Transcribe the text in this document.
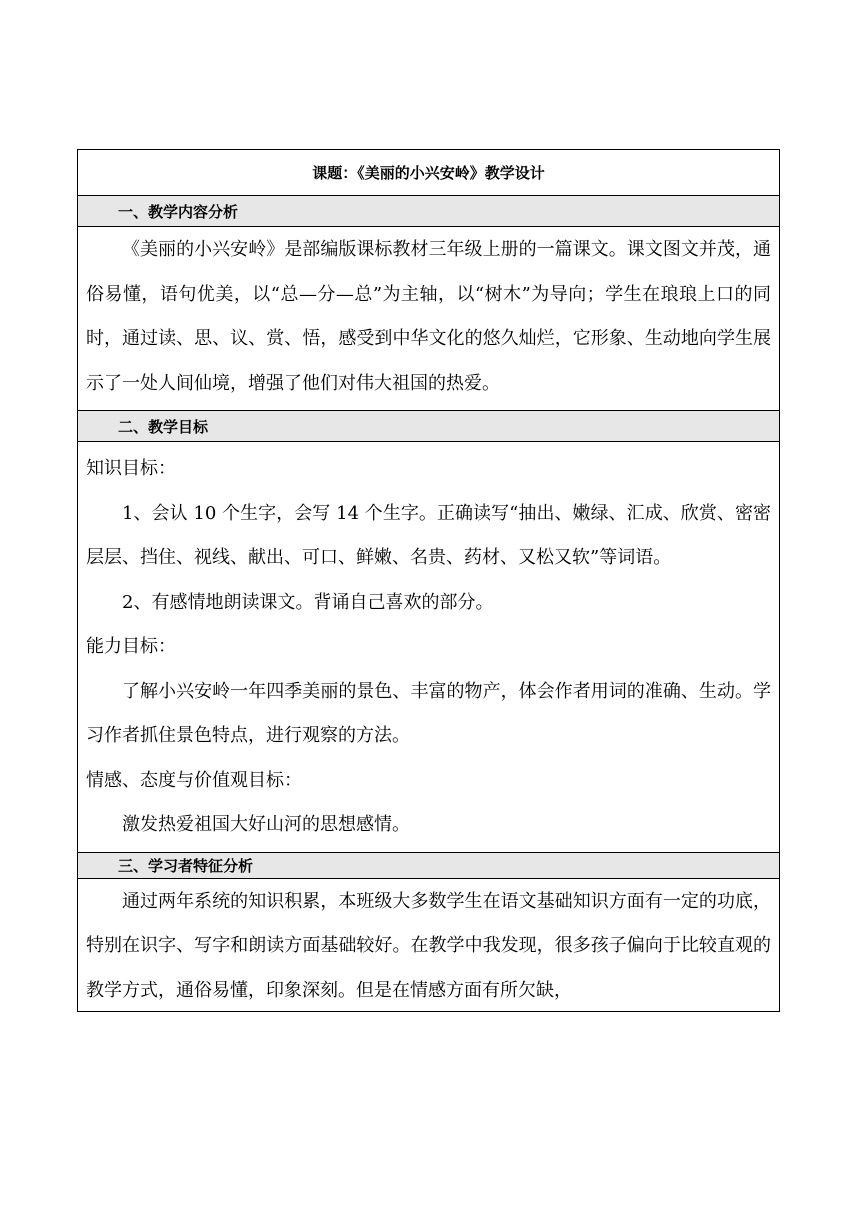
课题：《美丽的小兴安岭》教学设计
一、教学内容分析

《美丽的小兴安岭》是部编版课标教材三年级上册的一篇课文。课文图文并茂，通俗易懂，语句优美，以“总—分—总”为主轴，以“树木”为导向；学生在琅琅上口的同时，通过读、思、议、赏、悟，感受到中华文化的悠久灿烂，它形象、生动地向学生展示了一处人间仙境，增强了他们对伟大祖国的热爱。

二、教学目标

知识目标：

1、会认 10 个生字，会写 14 个生字。正确读写“抽出、嫩绿、汇成、欣赏、密密层层、挡住、视线、献出、可口、鲜嫩、名贵、药材、又松又软”等词语。

2、有感情地朗读课文。背诵自己喜欢的部分。

能力目标：

了解小兴安岭一年四季美丽的景色、丰富的物产，体会作者用词的准确、生动。学习作者抓住景色特点，进行观察的方法。

情感、态度与价值观目标：

激发热爱祖国大好山河的思想感情。

三、学习者特征分析

通过两年系统的知识积累，本班级大多数学生在语文基础知识方面有一定的功底，特别在识字、写字和朗读方面基础较好。在教学中我发现，很多孩子偏向于比较直观的教学方式，通俗易懂，印象深刻。但是在情感方面有所欠缺，
